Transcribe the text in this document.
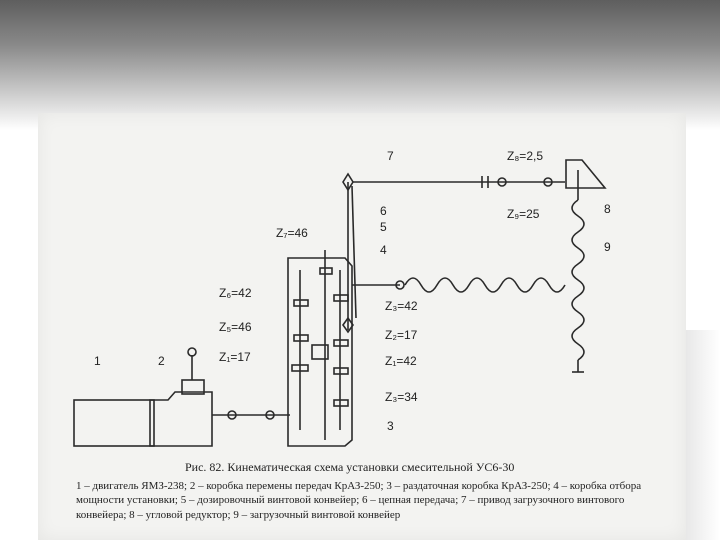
7	Z₈=2,5
6
5
4
Z₉=25	8
9
Z₇=46
Z₆=42
Z₅=46
Z₁=17
1	2
Z₃=42
Z₂=17
Z₁=42
Z₃=34
3
Рис. 82. Кинематическая схема установки смесительной УС6-30
1 – двигатель ЯМЗ-238; 2 – коробка перемены передач КрАЗ-250; 3 – раздаточная коробка КрАЗ-250; 4 – коробка отбора мощности установки; 5 – дозировочный винтовой конвейер; 6 – цепная передача; 7 – привод загрузочного винтового конвейера; 8 – угловой редуктор; 9 – загрузочный винтовой конвейер
